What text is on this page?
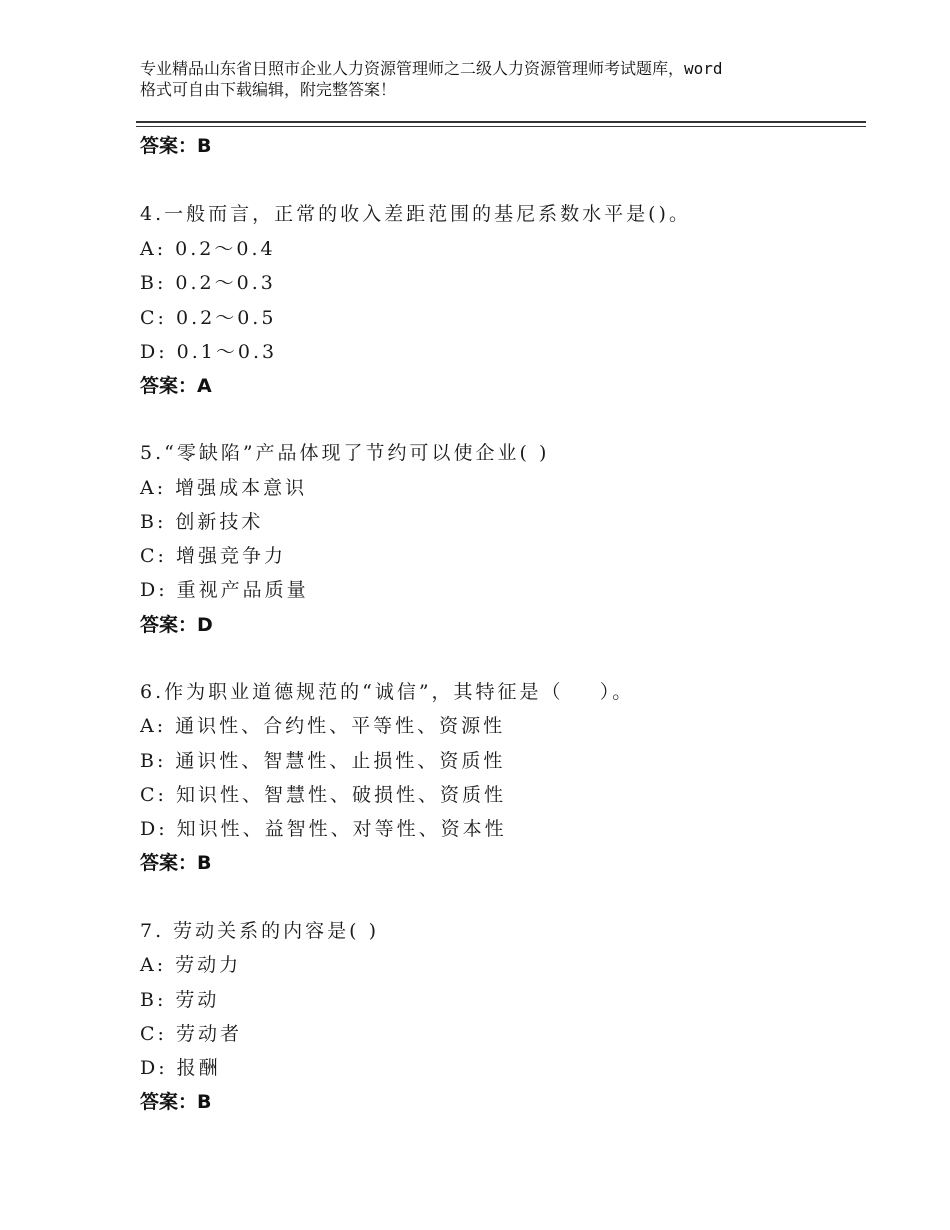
专业精品山东省日照市企业人力资源管理师之二级人力资源管理师考试题库，word
格式可自由下载编辑，附完整答案！
答案：B
4.一般而言，正常的收入差距范围的基尼系数水平是()。
A: 0.2～0.4
B: 0.2～0.3
C: 0.2～0.5
D: 0.1～0.3
答案：A
5.“零缺陷”产品体现了节约可以使企业( )
A: 增强成本意识
B: 创新技术
C: 增强竞争力
D: 重视产品质量
答案：D
6.作为职业道德规范的“诚信”，其特征是（    ）。
A: 通识性、合约性、平等性、资源性
B: 通识性、智慧性、止损性、资质性
C: 知识性、智慧性、破损性、资质性
D: 知识性、益智性、对等性、资本性
答案：B
7. 劳动关系的内容是( )
A: 劳动力
B: 劳动
C: 劳动者
D: 报酬
答案：B
